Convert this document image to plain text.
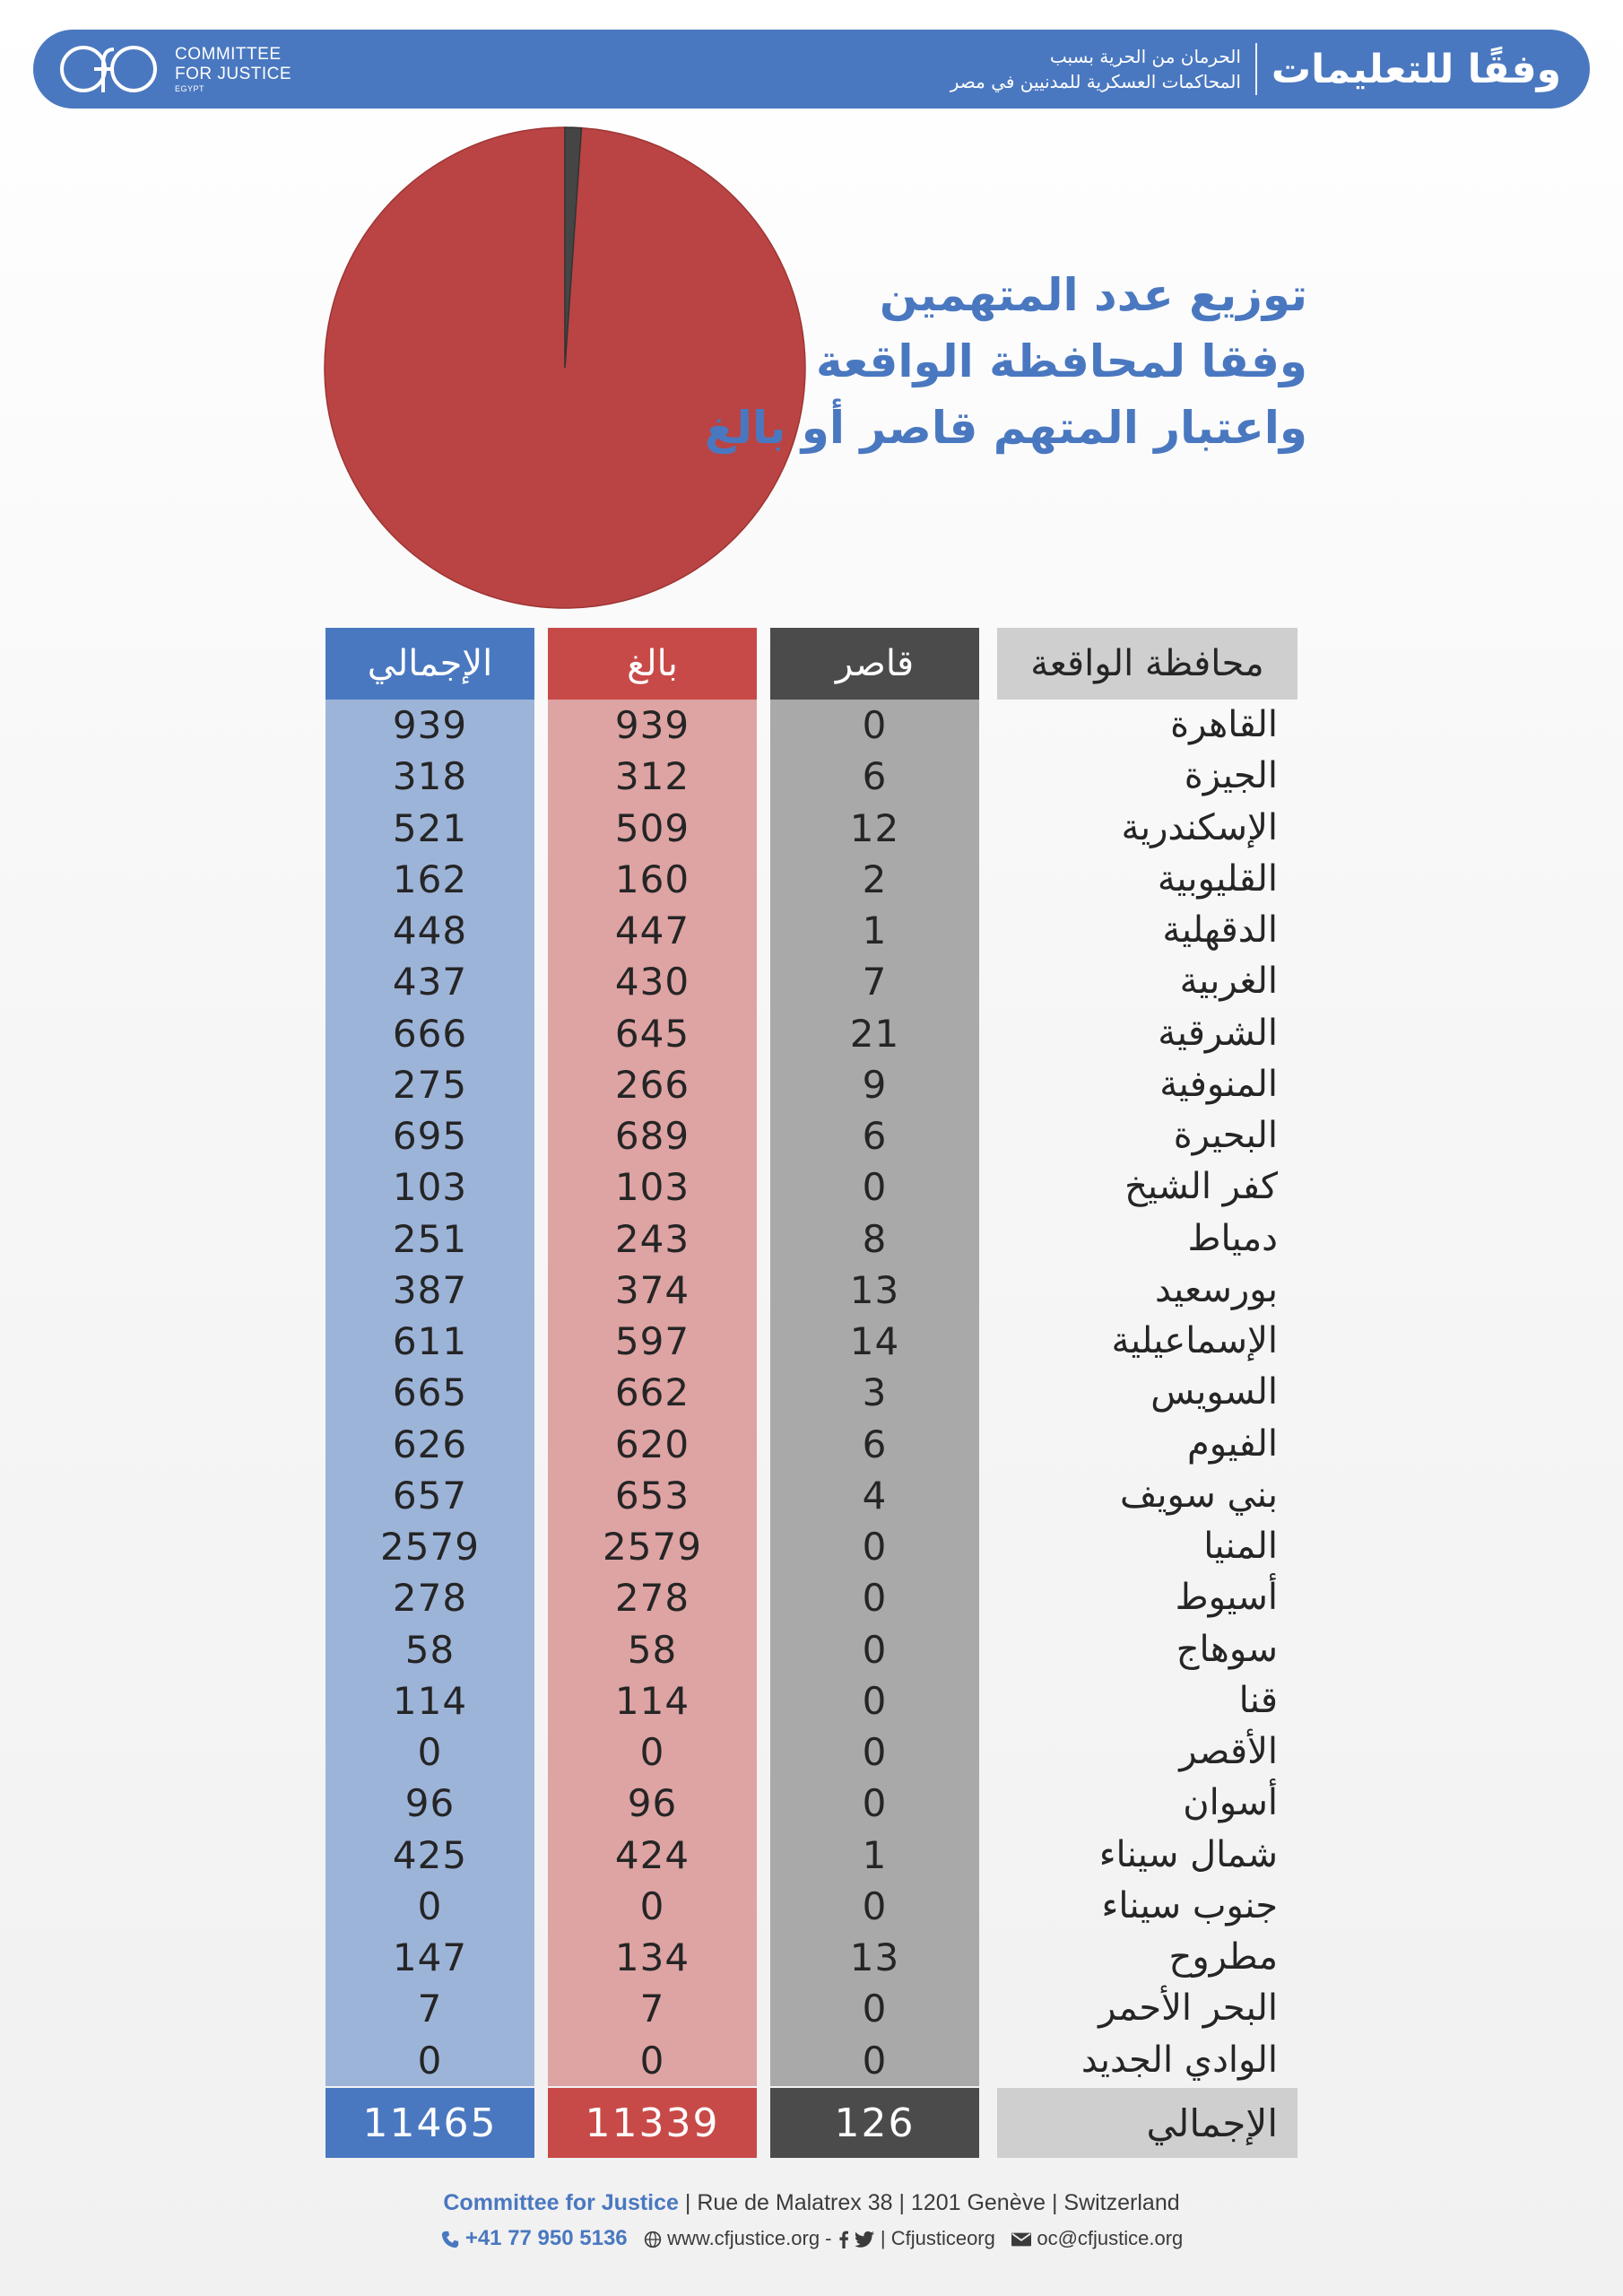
COMMITTEE
FOR JUSTICE
EGYPT	وفقًا للتعليمات
الحرمان من الحرية بسبب
المحاكمات العسكرية للمدنيين في مصر
توزيع عدد المتهمين
وفقا لمحافظة الواقعة
واعتبار المتهم قاصر أو بالغ
الإجمالي
939
318
521
162
448
437
666
275
695
103
251
387
611
665
626
657
2579
278
58
114
0
96
425
0
147
7
0
11465
بالغ
939
312
509
160
447
430
645
266
689
103
243
374
597
662
620
653
2579
278
58
114
0
96
424
0
134
7
0
11339
قاصر
0
6
12
2
1
7
21
9
6
0
8
13
14
3
6
4
0
0
0
0
0
0
1
0
13
0
0
126
محافظة الواقعة
القاهرة
الجيزة
الإسكندرية
القليوبية
الدقهلية
الغربية
الشرقية
المنوفية
البحيرة
كفر الشيخ
دمياط
بورسعيد
الإسماعيلية
السويس
الفيوم
بني سويف
المنيا
أسيوط
سوهاج
قنا
الأقصر
أسوان
شمال سيناء
جنوب سيناء
مطروح
البحر الأحمر
الوادي الجديد
الإجمالي
Committee for Justice | Rue de Malatrex 38 | 1201 Genève | Switzerland
+41 77 950 5136 www.cfjustice.org - | Cfjusticeorg oc@cfjustice.org
